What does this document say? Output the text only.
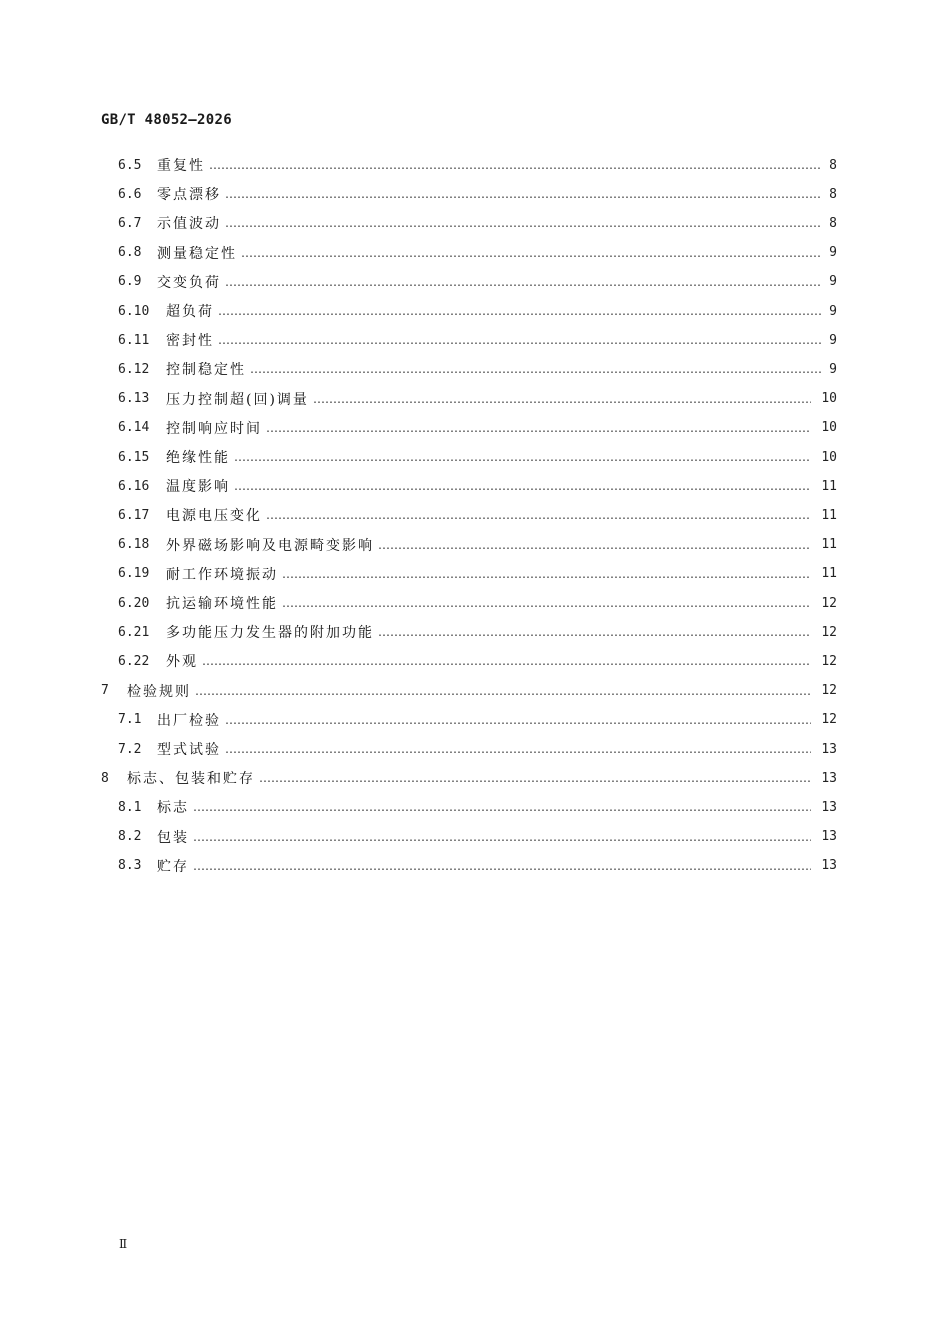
GB/T 48052—2026
6.5	重复性 ………………………………………………………………………………………………………………………………………………………………………………………………………………………………………………	8
6.6	零点漂移 ………………………………………………………………………………………………………………………………………………………………………………………………………………………………………………	8
6.7	示值波动 ………………………………………………………………………………………………………………………………………………………………………………………………………………………………………………	8
6.8	测量稳定性 ………………………………………………………………………………………………………………………………………………………………………………………………………………………………………………	9
6.9	交变负荷 ………………………………………………………………………………………………………………………………………………………………………………………………………………………………………………	9
6.10	超负荷 ………………………………………………………………………………………………………………………………………………………………………………………………………………………………………………	9
6.11	密封性 ………………………………………………………………………………………………………………………………………………………………………………………………………………………………………………	9
6.12	控制稳定性 ………………………………………………………………………………………………………………………………………………………………………………………………………………………………………………	9
6.13	压力控制超(回)调量 ………………………………………………………………………………………………………………………………………………………………………………………………………………………………………………	10
6.14	控制响应时间 ………………………………………………………………………………………………………………………………………………………………………………………………………………………………………………	10
6.15	绝缘性能 ………………………………………………………………………………………………………………………………………………………………………………………………………………………………………………	10
6.16	温度影响 ………………………………………………………………………………………………………………………………………………………………………………………………………………………………………………	11
6.17	电源电压变化 ………………………………………………………………………………………………………………………………………………………………………………………………………………………………………………	11
6.18	外界磁场影响及电源畸变影响 ………………………………………………………………………………………………………………………………………………………………………………………………………………………………………………	11
6.19	耐工作环境振动 ………………………………………………………………………………………………………………………………………………………………………………………………………………………………………………	11
6.20	抗运输环境性能 ………………………………………………………………………………………………………………………………………………………………………………………………………………………………………………	12
6.21	多功能压力发生器的附加功能 ………………………………………………………………………………………………………………………………………………………………………………………………………………………………………………	12
6.22	外观 ………………………………………………………………………………………………………………………………………………………………………………………………………………………………………………	12
7	检验规则 ………………………………………………………………………………………………………………………………………………………………………………………………………………………………………………	12
7.1	出厂检验 ………………………………………………………………………………………………………………………………………………………………………………………………………………………………………………	12
7.2	型式试验 ………………………………………………………………………………………………………………………………………………………………………………………………………………………………………………	13
8	标志、包装和贮存 ………………………………………………………………………………………………………………………………………………………………………………………………………………………………………………	13
8.1	标志 ………………………………………………………………………………………………………………………………………………………………………………………………………………………………………………	13
8.2	包装 ………………………………………………………………………………………………………………………………………………………………………………………………………………………………………………	13
8.3	贮存 ………………………………………………………………………………………………………………………………………………………………………………………………………………………………………………	13
Ⅱ
